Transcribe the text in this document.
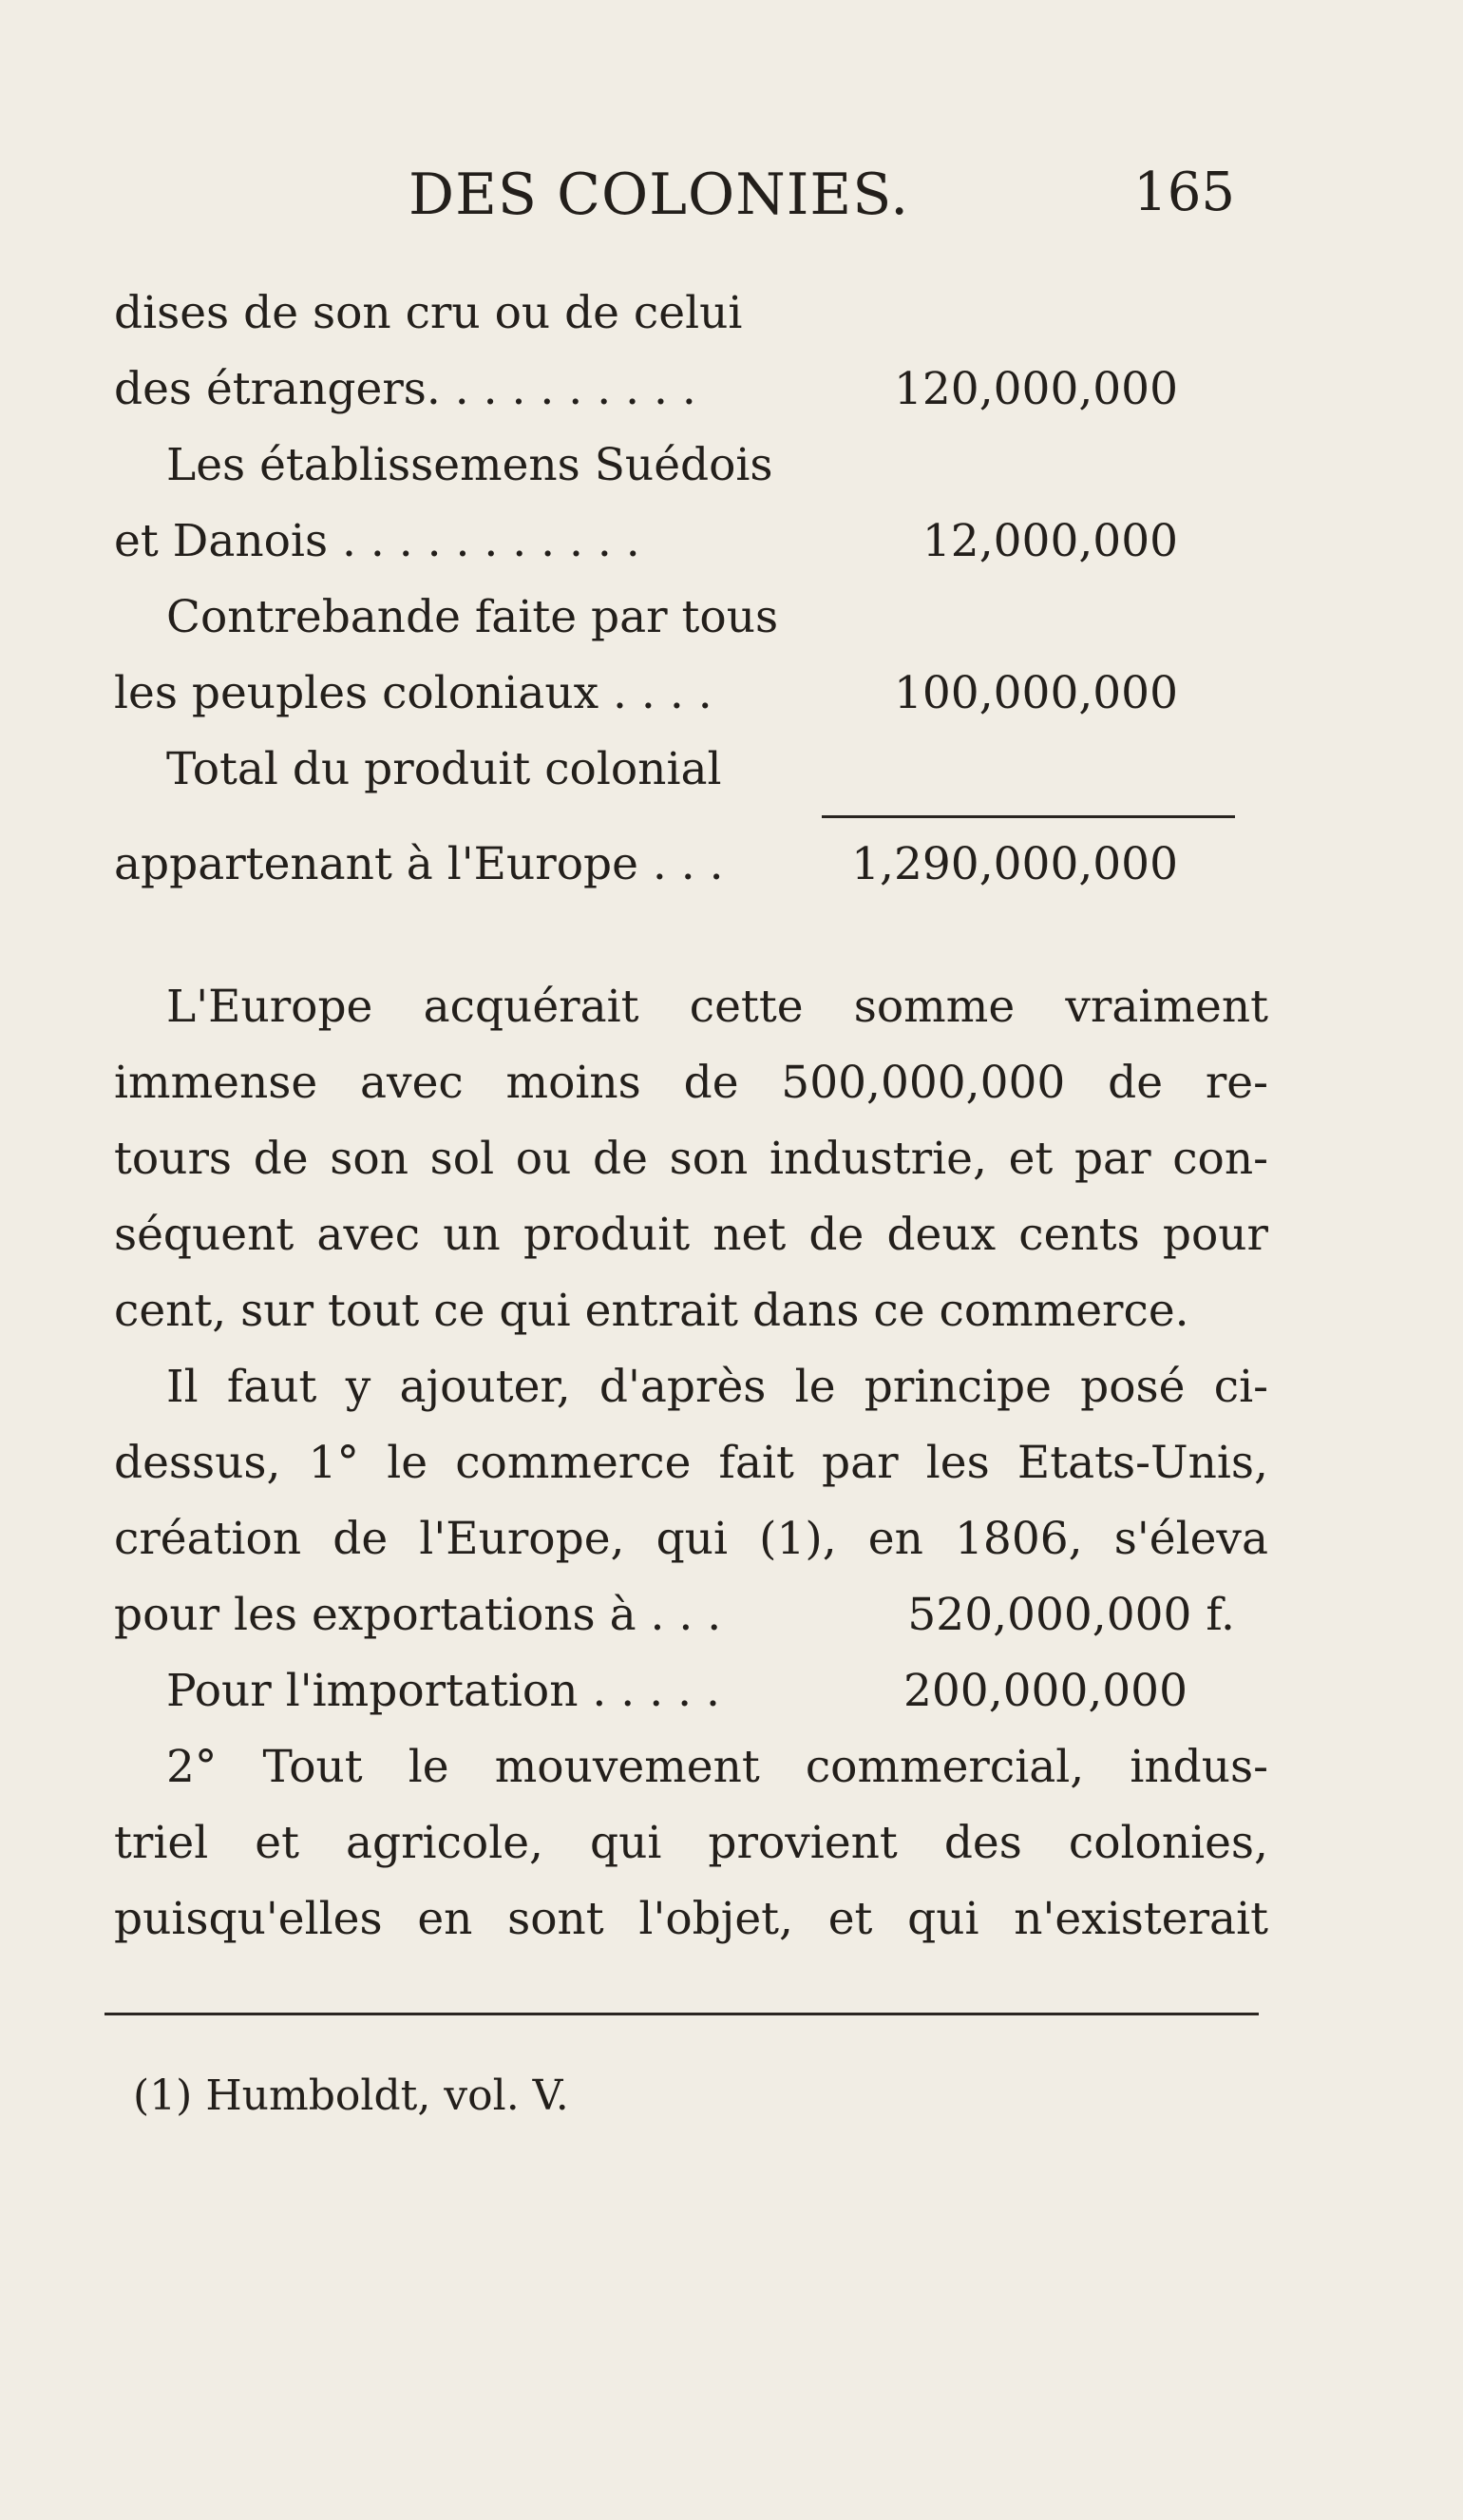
DES COLONIES.	165
dises de son cru ou de celui
des étrangers. . . . . . . . . .	120,000,000
Les établissemens Suédois
et Danois . . . . . . . . . . .	12,000,000
Contrebande faite par tous
les peuples coloniaux . . . .	100,000,000
Total du produit colonial
appartenant à l'Europe . . .	1,290,000,000
L'Europe acquérait cette somme vraiment
immense avec moins de 500,000,000 de re-
tours de son sol ou de son industrie, et par con-
séquent avec un produit net de deux cents pour
cent, sur tout ce qui entrait dans ce commerce.
Il faut y ajouter, d'après le principe posé ci-
dessus, 1° le commerce fait par les Etats-Unis,
création de l'Europe, qui (1), en 1806, s'éleva
pour les exportations à . . .	520,000,000 f.
Pour l'importation . . . . .	200,000,000
2° Tout le mouvement commercial, indus-
triel et agricole, qui provient des colonies,
puisqu'elles en sont l'objet, et qui n'existerait
(1) Humboldt, vol. V.
